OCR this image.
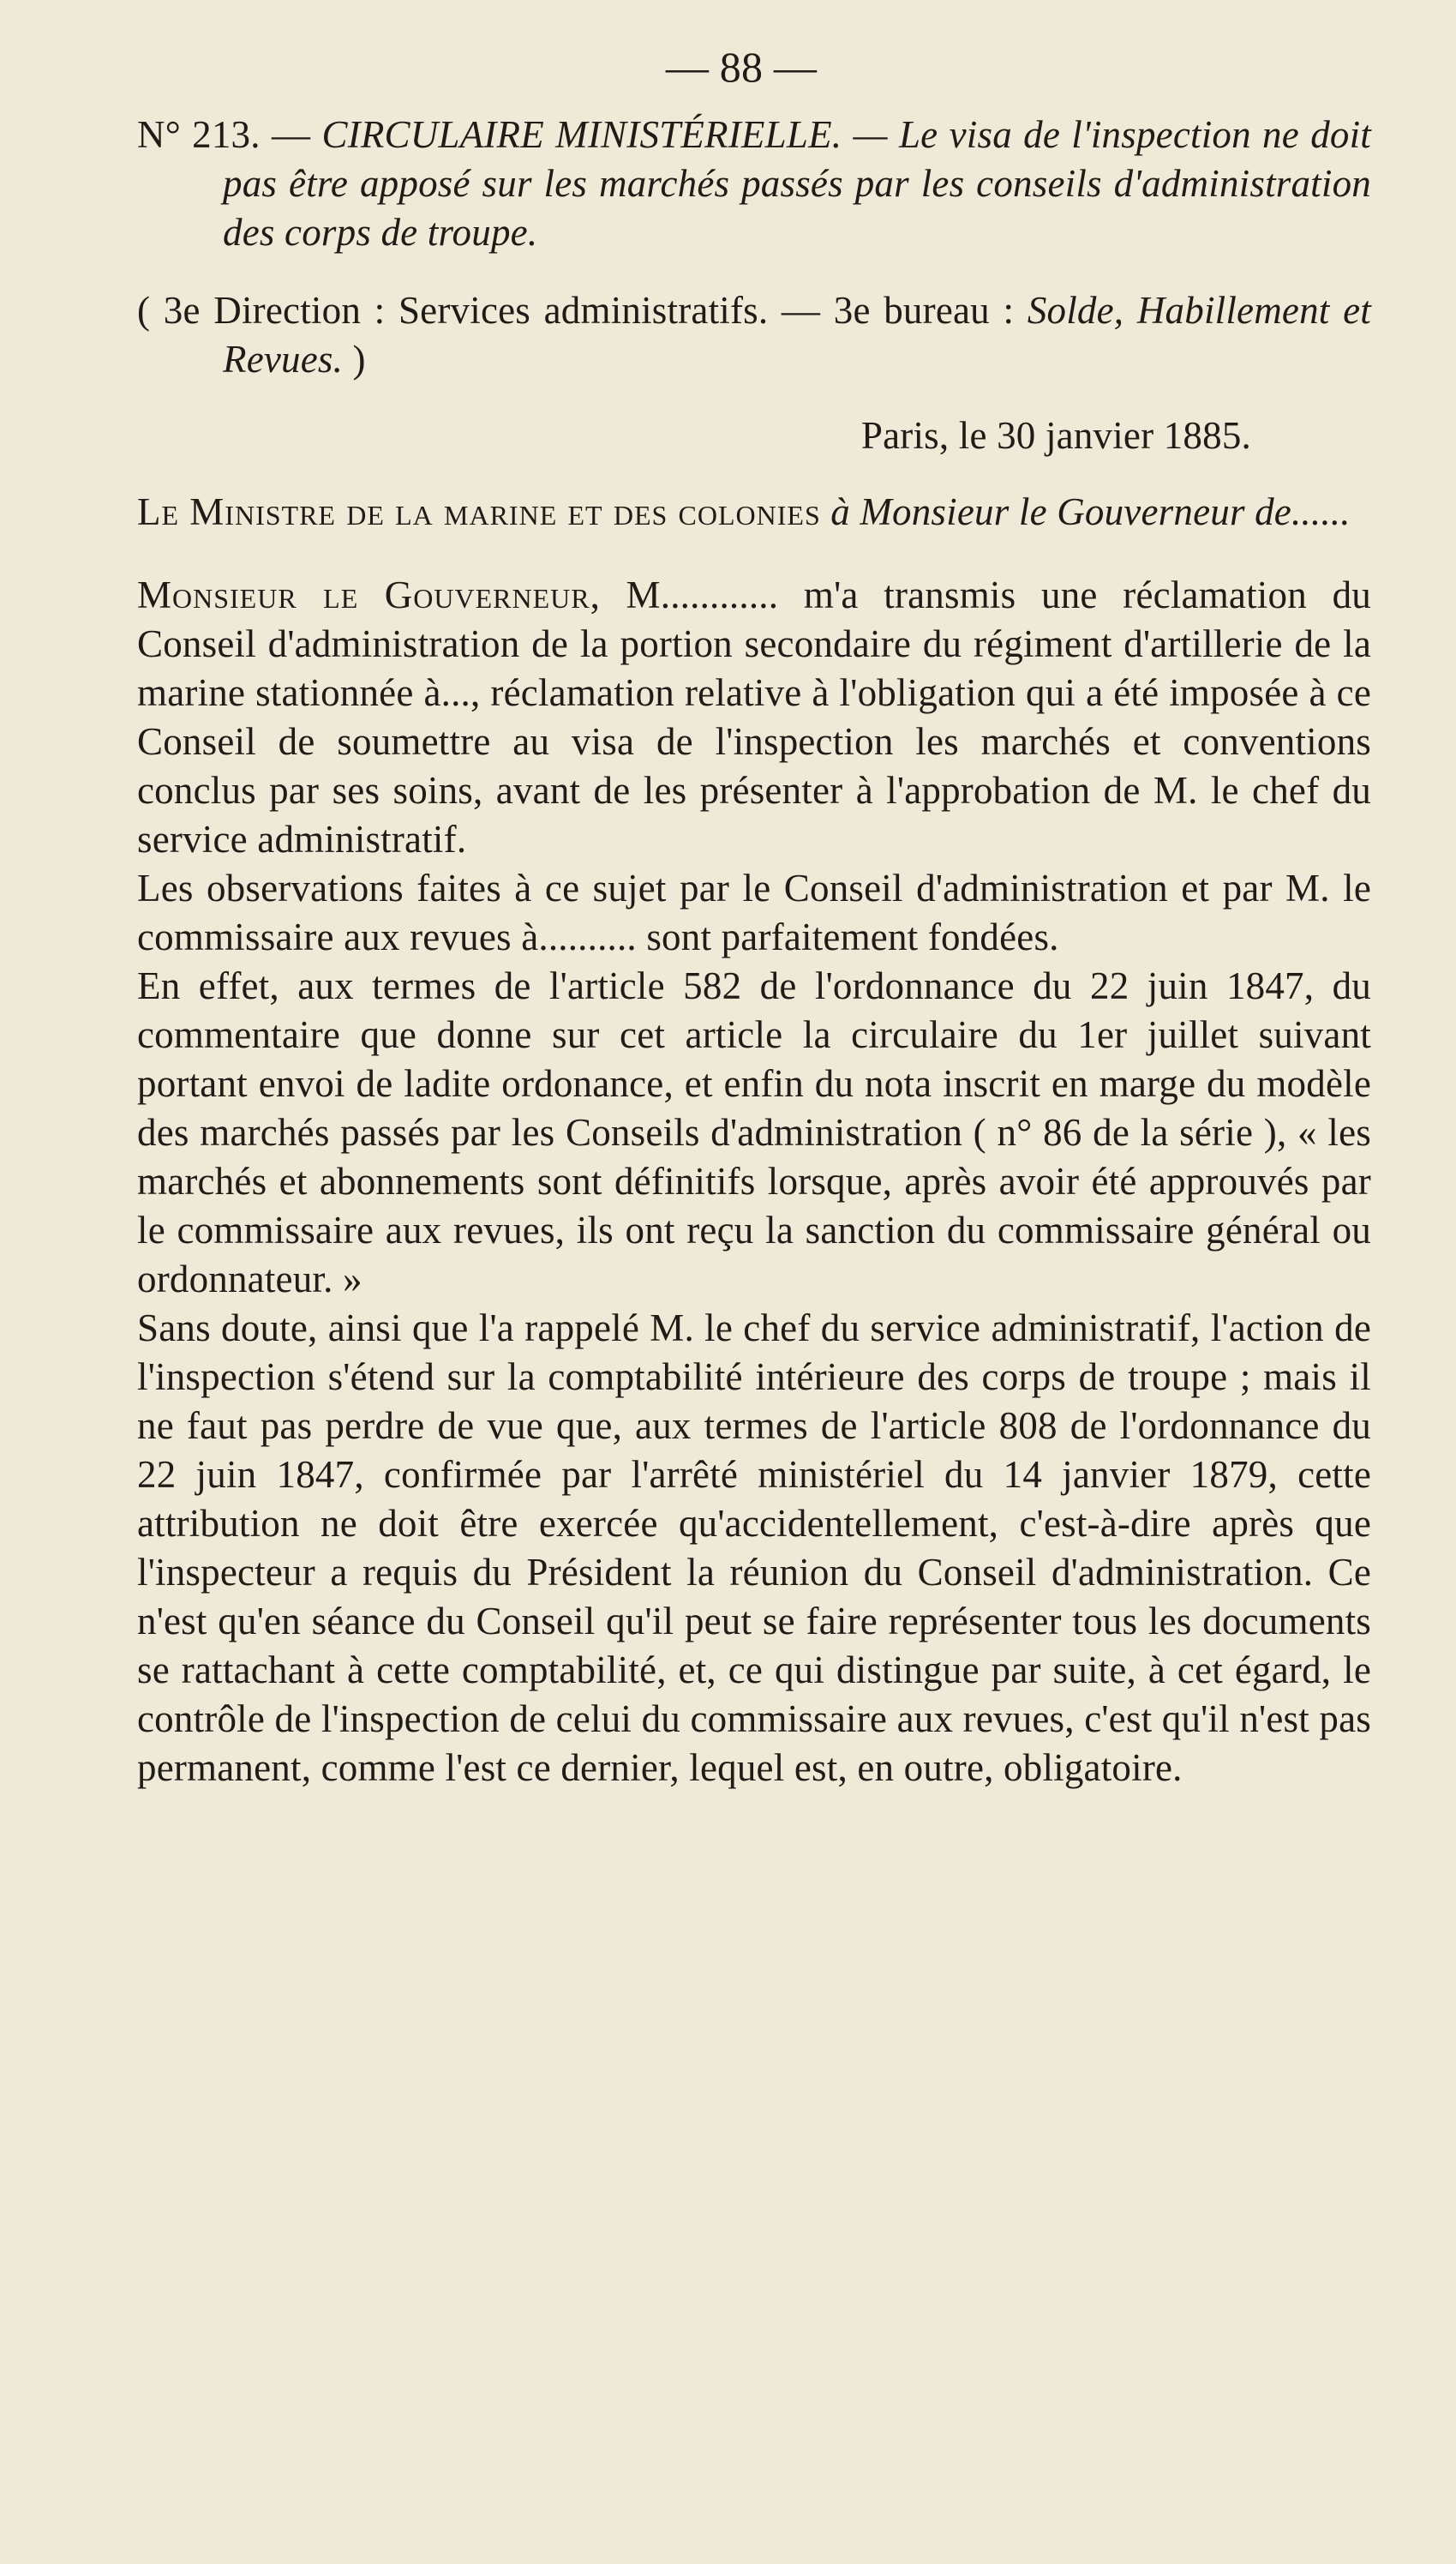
— 88 —

N° 213. — CIRCULAIRE MINISTÉRIELLE. — Le visa de l'inspection ne doit pas être apposé sur les marchés passés par les conseils d'administration des corps de troupe.

( 3e Direction : Services administratifs. — 3e bureau : Solde, Habillement et Revues. )

Paris, le 30 janvier 1885.

Le Ministre de la marine et des colonies à Monsieur le Gouverneur de......

Monsieur le Gouverneur, M............ m'a transmis une réclamation du Conseil d'administration de la portion secondaire du régiment d'artillerie de la marine stationnée à..., réclamation relative à l'obligation qui a été imposée à ce Conseil de soumettre au visa de l'inspection les marchés et conventions conclus par ses soins, avant de les présenter à l'approbation de M. le chef du service administratif.

Les observations faites à ce sujet par le Conseil d'administration et par M. le commissaire aux revues à.......... sont parfaitement fondées.

En effet, aux termes de l'article 582 de l'ordonnance du 22 juin 1847, du commentaire que donne sur cet article la circulaire du 1er juillet suivant portant envoi de ladite ordonance, et enfin du nota inscrit en marge du modèle des marchés passés par les Conseils d'administration ( n° 86 de la série ), « les marchés et abonnements sont définitifs lorsque, après avoir été approuvés par le commissaire aux revues, ils ont reçu la sanction du commissaire général ou ordonnateur. »

Sans doute, ainsi que l'a rappelé M. le chef du service administratif, l'action de l'inspection s'étend sur la comptabilité intérieure des corps de troupe ; mais il ne faut pas perdre de vue que, aux termes de l'article 808 de l'ordonnance du 22 juin 1847, confirmée par l'arrêté ministériel du 14 janvier 1879, cette attribution ne doit être exercée qu'accidentellement, c'est-à-dire après que l'inspecteur a requis du Président la réunion du Conseil d'administration. Ce n'est qu'en séance du Conseil qu'il peut se faire représenter tous les documents se rattachant à cette comptabilité, et, ce qui distingue par suite, à cet égard, le contrôle de l'inspection de celui du commissaire aux revues, c'est qu'il n'est pas permanent, comme l'est ce dernier, lequel est, en outre, obligatoire.
